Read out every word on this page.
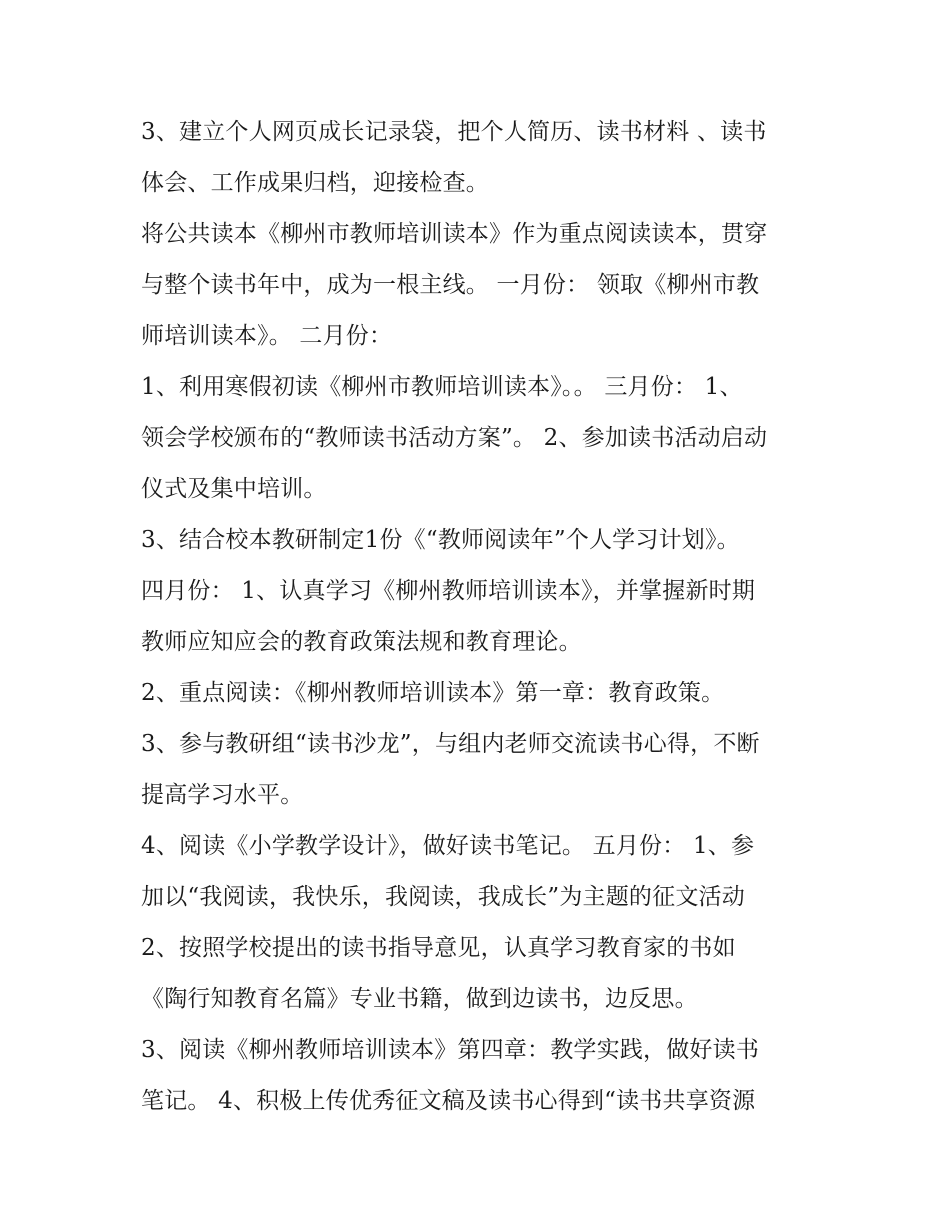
3、建立个人网页成长记录袋，把个人简历、读书材料 、读书
体会、工作成果归档，迎接检查。
将公共读本《柳州市教师培训读本》作为重点阅读读本，贯穿
与整个读书年中，成为一根主线。 一月份： 领取《柳州市教
师培训读本》。 二月份：
1、利用寒假初读《柳州市教师培训读本》。。 三月份： 1、
领会学校颁布的“教师读书活动方案”。 2、参加读书活动启动
仪式及集中培训。
3、结合校本教研制定1份《“教师阅读年”个人学习计划》。
四月份： 1、认真学习《柳州教师培训读本》，并掌握新时期
教师应知应会的教育政策法规和教育理论。
2、重点阅读：《柳州教师培训读本》第一章：教育政策。
3、参与教研组“读书沙龙”，与组内老师交流读书心得，不断
提高学习水平。
4、阅读《小学教学设计》，做好读书笔记。 五月份： 1、参
加以“我阅读，我快乐，我阅读，我成长”为主题的征文活动
2、按照学校提出的读书指导意见，认真学习教育家的书如
《陶行知教育名篇》专业书籍，做到边读书，边反思。
3、阅读《柳州教师培训读本》第四章：教学实践，做好读书
笔记。 4、积极上传优秀征文稿及读书心得到“读书共享资源
